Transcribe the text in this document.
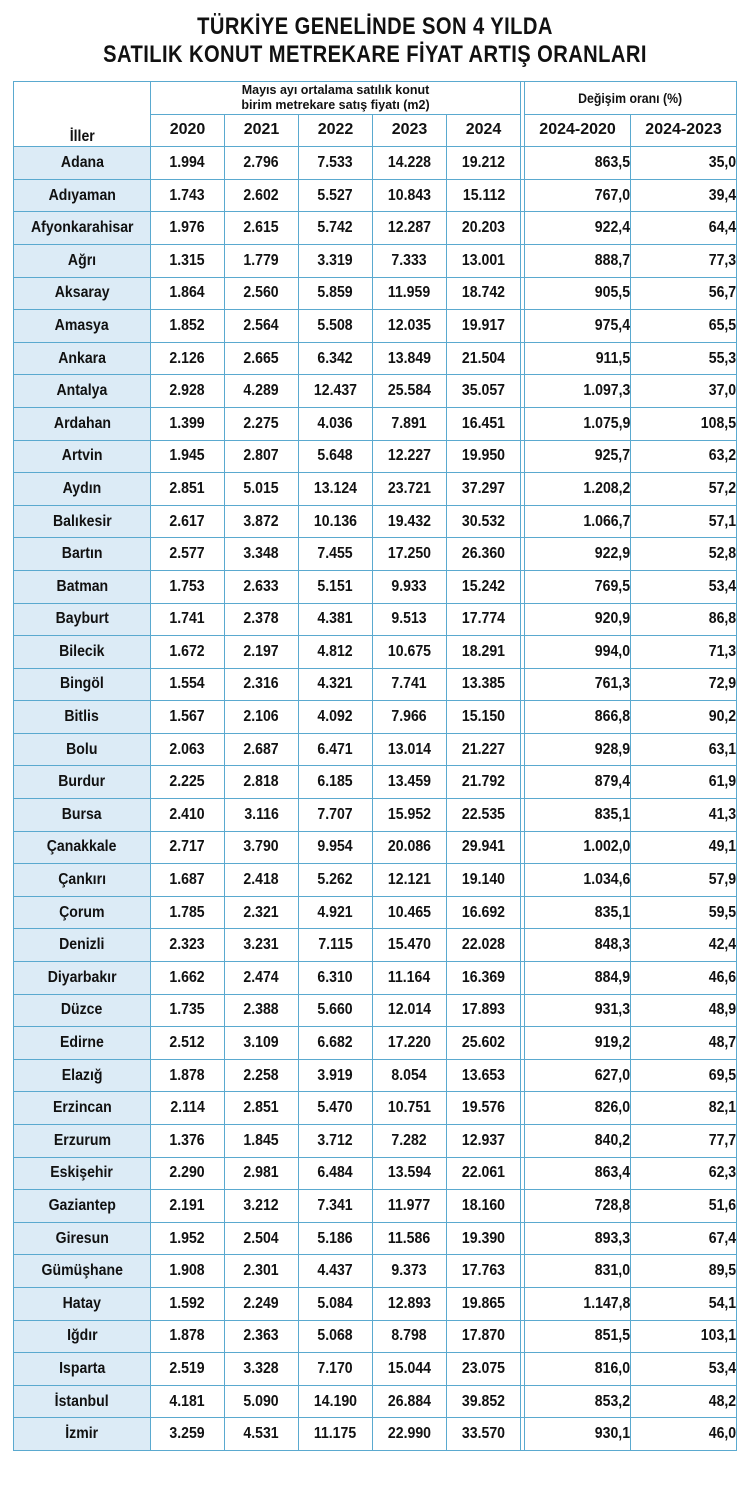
TÜRKİYE GENELİNDE SON 4 YILDA
SATILIK KONUT METREKARE FİYAT ARTIŞ ORANLARI
İller	Mayıs ayı ortalama satılık konut
birim metrekare satış fiyatı (m2)						Değişim oranı (%)	
	2020	2021	2022	2023	2024		2024-2020	2024-2023
Adana	1.994	2.796	7.533	14.228	19.212		863,5	35,0
Adıyaman	1.743	2.602	5.527	10.843	15.112		767,0	39,4
Afyonkarahisar	1.976	2.615	5.742	12.287	20.203		922,4	64,4
Ağrı	1.315	1.779	3.319	7.333	13.001		888,7	77,3
Aksaray	1.864	2.560	5.859	11.959	18.742		905,5	56,7
Amasya	1.852	2.564	5.508	12.035	19.917		975,4	65,5
Ankara	2.126	2.665	6.342	13.849	21.504		911,5	55,3
Antalya	2.928	4.289	12.437	25.584	35.057		1.097,3	37,0
Ardahan	1.399	2.275	4.036	7.891	16.451		1.075,9	108,5
Artvin	1.945	2.807	5.648	12.227	19.950		925,7	63,2
Aydın	2.851	5.015	13.124	23.721	37.297		1.208,2	57,2
Balıkesir	2.617	3.872	10.136	19.432	30.532		1.066,7	57,1
Bartın	2.577	3.348	7.455	17.250	26.360		922,9	52,8
Batman	1.753	2.633	5.151	9.933	15.242		769,5	53,4
Bayburt	1.741	2.378	4.381	9.513	17.774		920,9	86,8
Bilecik	1.672	2.197	4.812	10.675	18.291		994,0	71,3
Bingöl	1.554	2.316	4.321	7.741	13.385		761,3	72,9
Bitlis	1.567	2.106	4.092	7.966	15.150		866,8	90,2
Bolu	2.063	2.687	6.471	13.014	21.227		928,9	63,1
Burdur	2.225	2.818	6.185	13.459	21.792		879,4	61,9
Bursa	2.410	3.116	7.707	15.952	22.535		835,1	41,3
Çanakkale	2.717	3.790	9.954	20.086	29.941		1.002,0	49,1
Çankırı	1.687	2.418	5.262	12.121	19.140		1.034,6	57,9
Çorum	1.785	2.321	4.921	10.465	16.692		835,1	59,5
Denizli	2.323	3.231	7.115	15.470	22.028		848,3	42,4
Diyarbakır	1.662	2.474	6.310	11.164	16.369		884,9	46,6
Düzce	1.735	2.388	5.660	12.014	17.893		931,3	48,9
Edirne	2.512	3.109	6.682	17.220	25.602		919,2	48,7
Elazığ	1.878	2.258	3.919	8.054	13.653		627,0	69,5
Erzincan	2.114	2.851	5.470	10.751	19.576		826,0	82,1
Erzurum	1.376	1.845	3.712	7.282	12.937		840,2	77,7
Eskişehir	2.290	2.981	6.484	13.594	22.061		863,4	62,3
Gaziantep	2.191	3.212	7.341	11.977	18.160		728,8	51,6
Giresun	1.952	2.504	5.186	11.586	19.390		893,3	67,4
Gümüşhane	1.908	2.301	4.437	9.373	17.763		831,0	89,5
Hatay	1.592	2.249	5.084	12.893	19.865		1.147,8	54,1
Iğdır	1.878	2.363	5.068	8.798	17.870		851,5	103,1
Isparta	2.519	3.328	7.170	15.044	23.075		816,0	53,4
İstanbul	4.181	5.090	14.190	26.884	39.852		853,2	48,2
İzmir	3.259	4.531	11.175	22.990	33.570		930,1	46,0
